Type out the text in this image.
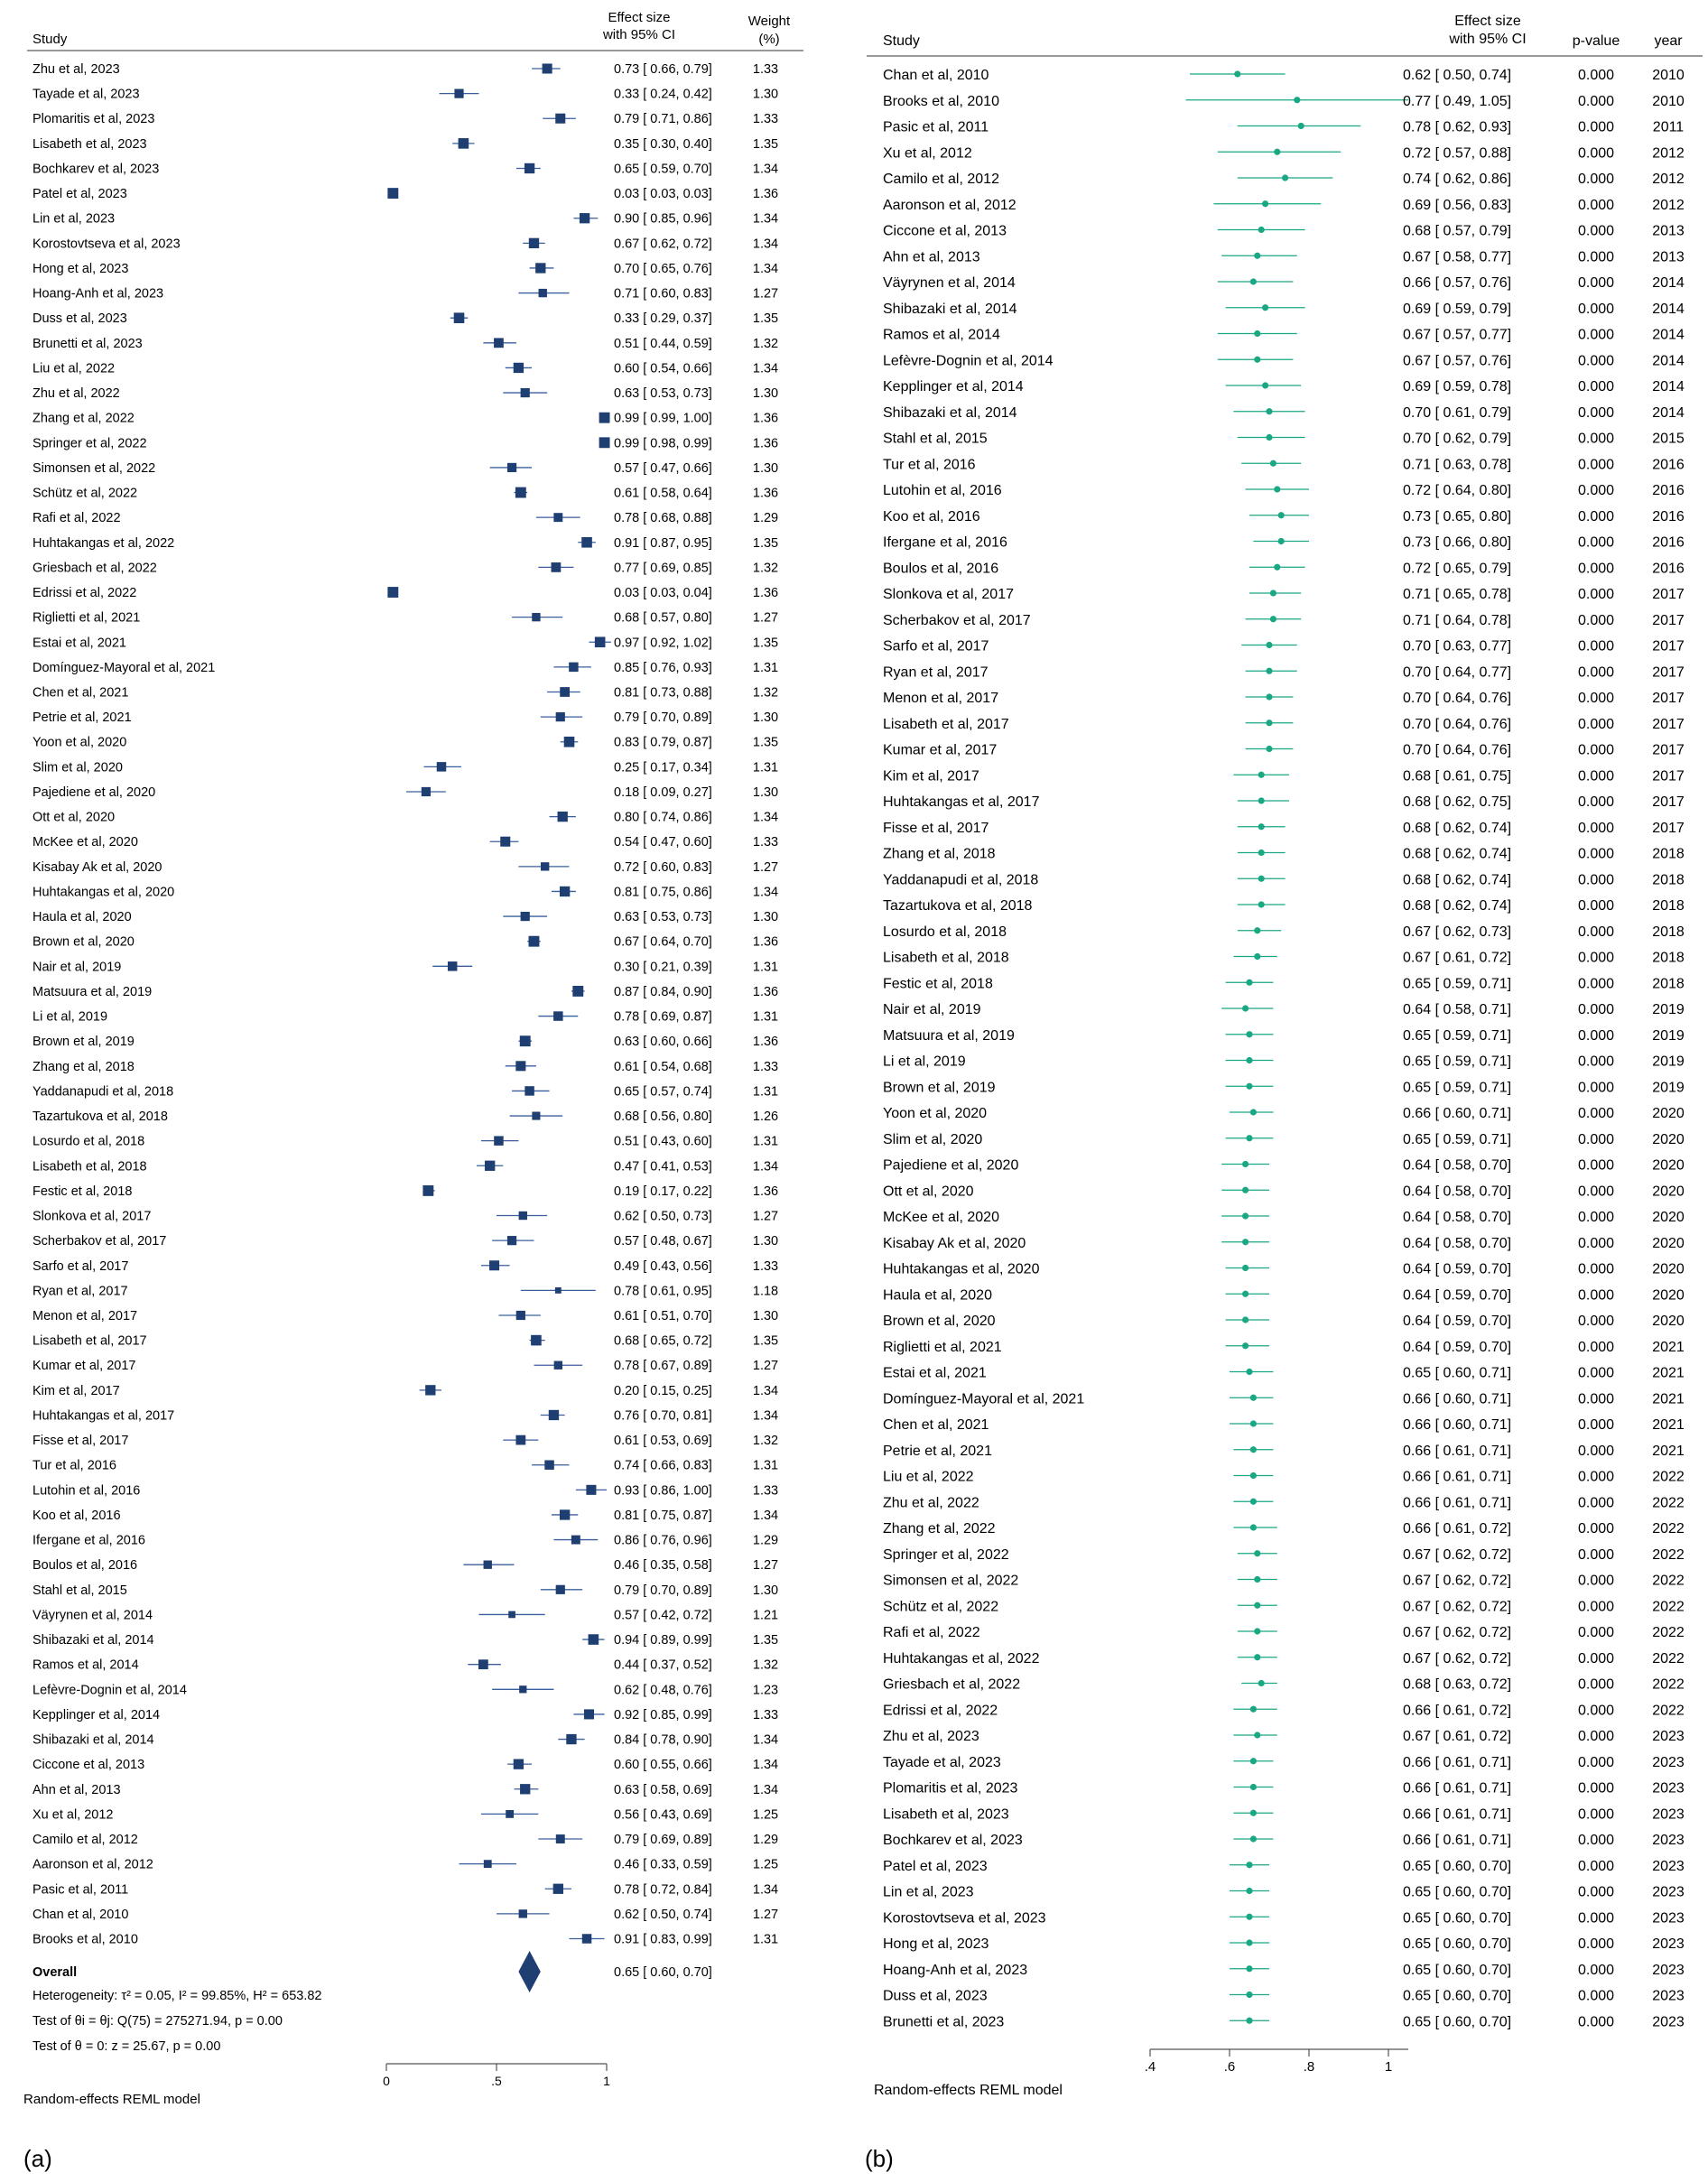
Study
Effect size
with 95% CI
Weight
(%)
Zhu et al, 2023	0.73 [ 0.66, 0.79]	1.33
Tayade et al, 2023	0.33 [ 0.24, 0.42]	1.30
Plomaritis et al, 2023	0.79 [ 0.71, 0.86]	1.33
Lisabeth et al, 2023	0.35 [ 0.30, 0.40]	1.35
Bochkarev et al, 2023	0.65 [ 0.59, 0.70]	1.34
Patel et al, 2023	0.03 [ 0.03, 0.03]	1.36
Lin et al, 2023	0.90 [ 0.85, 0.96]	1.34
Korostovtseva et al, 2023	0.67 [ 0.62, 0.72]	1.34
Hong et al, 2023	0.70 [ 0.65, 0.76]	1.34
Hoang-Anh et al, 2023	0.71 [ 0.60, 0.83]	1.27
Duss et al, 2023	0.33 [ 0.29, 0.37]	1.35
Brunetti et al, 2023	0.51 [ 0.44, 0.59]	1.32
Liu et al, 2022	0.60 [ 0.54, 0.66]	1.34
Zhu et al, 2022	0.63 [ 0.53, 0.73]	1.30
Zhang et al, 2022	0.99 [ 0.99, 1.00]	1.36
Springer et al, 2022	0.99 [ 0.98, 0.99]	1.36
Simonsen et al, 2022	0.57 [ 0.47, 0.66]	1.30
Schütz et al, 2022	0.61 [ 0.58, 0.64]	1.36
Rafi et al, 2022	0.78 [ 0.68, 0.88]	1.29
Huhtakangas et al, 2022	0.91 [ 0.87, 0.95]	1.35
Griesbach et al, 2022	0.77 [ 0.69, 0.85]	1.32
Edrissi et al, 2022	0.03 [ 0.03, 0.04]	1.36
Riglietti et al, 2021	0.68 [ 0.57, 0.80]	1.27
Estai et al, 2021	0.97 [ 0.92, 1.02]	1.35
Domínguez-Mayoral et al, 2021	0.85 [ 0.76, 0.93]	1.31
Chen et al, 2021	0.81 [ 0.73, 0.88]	1.32
Petrie et al, 2021	0.79 [ 0.70, 0.89]	1.30
Yoon et al, 2020	0.83 [ 0.79, 0.87]	1.35
Slim et al, 2020	0.25 [ 0.17, 0.34]	1.31
Pajediene et al, 2020	0.18 [ 0.09, 0.27]	1.30
Ott et al, 2020	0.80 [ 0.74, 0.86]	1.34
McKee et al, 2020	0.54 [ 0.47, 0.60]	1.33
Kisabay Ak et al, 2020	0.72 [ 0.60, 0.83]	1.27
Huhtakangas et al, 2020	0.81 [ 0.75, 0.86]	1.34
Haula et al, 2020	0.63 [ 0.53, 0.73]	1.30
Brown et al, 2020	0.67 [ 0.64, 0.70]	1.36
Nair et al, 2019	0.30 [ 0.21, 0.39]	1.31
Matsuura et al, 2019	0.87 [ 0.84, 0.90]	1.36
Li et al, 2019	0.78 [ 0.69, 0.87]	1.31
Brown et al, 2019	0.63 [ 0.60, 0.66]	1.36
Zhang et al, 2018	0.61 [ 0.54, 0.68]	1.33
Yaddanapudi et al, 2018	0.65 [ 0.57, 0.74]	1.31
Tazartukova et al, 2018	0.68 [ 0.56, 0.80]	1.26
Losurdo et al, 2018	0.51 [ 0.43, 0.60]	1.31
Lisabeth et al, 2018	0.47 [ 0.41, 0.53]	1.34
Festic et al, 2018	0.19 [ 0.17, 0.22]	1.36
Slonkova et al, 2017	0.62 [ 0.50, 0.73]	1.27
Scherbakov et al, 2017	0.57 [ 0.48, 0.67]	1.30
Sarfo et al, 2017	0.49 [ 0.43, 0.56]	1.33
Ryan et al, 2017	0.78 [ 0.61, 0.95]	1.18
Menon et al, 2017	0.61 [ 0.51, 0.70]	1.30
Lisabeth et al, 2017	0.68 [ 0.65, 0.72]	1.35
Kumar et al, 2017	0.78 [ 0.67, 0.89]	1.27
Kim et al, 2017	0.20 [ 0.15, 0.25]	1.34
Huhtakangas et al, 2017	0.76 [ 0.70, 0.81]	1.34
Fisse et al, 2017	0.61 [ 0.53, 0.69]	1.32
Tur et al, 2016	0.74 [ 0.66, 0.83]	1.31
Lutohin et al, 2016	0.93 [ 0.86, 1.00]	1.33
Koo et al, 2016	0.81 [ 0.75, 0.87]	1.34
Ifergane et al, 2016	0.86 [ 0.76, 0.96]	1.29
Boulos et al, 2016	0.46 [ 0.35, 0.58]	1.27
Stahl et al, 2015	0.79 [ 0.70, 0.89]	1.30
Väyrynen et al, 2014	0.57 [ 0.42, 0.72]	1.21
Shibazaki et al, 2014	0.94 [ 0.89, 0.99]	1.35
Ramos et al, 2014	0.44 [ 0.37, 0.52]	1.32
Lefèvre-Dognin et al, 2014	0.62 [ 0.48, 0.76]	1.23
Kepplinger et al, 2014	0.92 [ 0.85, 0.99]	1.33
Shibazaki et al, 2014	0.84 [ 0.78, 0.90]	1.34
Ciccone et al, 2013	0.60 [ 0.55, 0.66]	1.34
Ahn et al, 2013	0.63 [ 0.58, 0.69]	1.34
Xu et al, 2012	0.56 [ 0.43, 0.69]	1.25
Camilo et al, 2012	0.79 [ 0.69, 0.89]	1.29
Aaronson et al, 2012	0.46 [ 0.33, 0.59]	1.25
Pasic et al, 2011	0.78 [ 0.72, 0.84]	1.34
Chan et al, 2010	0.62 [ 0.50, 0.74]	1.27
Brooks et al, 2010	0.91 [ 0.83, 0.99]	1.31
Overall	0.65 [ 0.60, 0.70]
Heterogeneity: τ² = 0.05, I² = 99.85%, H² = 653.82
Test of θi = θj: Q(75) = 275271.94, p = 0.00
Test of θ = 0: z = 25.67, p = 0.00
0	.5	1
Random-effects REML model
(a)
Study
Effect size
with 95% CI	p-value year
Chan et al, 2010	0.62 [ 0.50, 0.74]	0.000	2010
Brooks et al, 2010	0.77 [ 0.49, 1.05]	0.000	2010
Pasic et al, 2011	0.78 [ 0.62, 0.93]	0.000	2011
Xu et al, 2012	0.72 [ 0.57, 0.88]	0.000	2012
Camilo et al, 2012	0.74 [ 0.62, 0.86]	0.000	2012
Aaronson et al, 2012	0.69 [ 0.56, 0.83]	0.000	2012
Ciccone et al, 2013	0.68 [ 0.57, 0.79]	0.000	2013
Ahn et al, 2013	0.67 [ 0.58, 0.77]	0.000	2013
Väyrynen et al, 2014	0.66 [ 0.57, 0.76]	0.000	2014
Shibazaki et al, 2014	0.69 [ 0.59, 0.79]	0.000	2014
Ramos et al, 2014	0.67 [ 0.57, 0.77]	0.000	2014
Lefèvre-Dognin et al, 2014	0.67 [ 0.57, 0.76]	0.000	2014
Kepplinger et al, 2014	0.69 [ 0.59, 0.78]	0.000	2014
Shibazaki et al, 2014	0.70 [ 0.61, 0.79]	0.000	2014
Stahl et al, 2015	0.70 [ 0.62, 0.79]	0.000	2015
Tur et al, 2016	0.71 [ 0.63, 0.78]	0.000	2016
Lutohin et al, 2016	0.72 [ 0.64, 0.80]	0.000	2016
Koo et al, 2016	0.73 [ 0.65, 0.80]	0.000	2016
Ifergane et al, 2016	0.73 [ 0.66, 0.80]	0.000	2016
Boulos et al, 2016	0.72 [ 0.65, 0.79]	0.000	2016
Slonkova et al, 2017	0.71 [ 0.65, 0.78]	0.000	2017
Scherbakov et al, 2017	0.71 [ 0.64, 0.78]	0.000	2017
Sarfo et al, 2017	0.70 [ 0.63, 0.77]	0.000	2017
Ryan et al, 2017	0.70 [ 0.64, 0.77]	0.000	2017
Menon et al, 2017	0.70 [ 0.64, 0.76]	0.000	2017
Lisabeth et al, 2017	0.70 [ 0.64, 0.76]	0.000	2017
Kumar et al, 2017	0.70 [ 0.64, 0.76]	0.000	2017
Kim et al, 2017	0.68 [ 0.61, 0.75]	0.000	2017
Huhtakangas et al, 2017	0.68 [ 0.62, 0.75]	0.000	2017
Fisse et al, 2017	0.68 [ 0.62, 0.74]	0.000	2017
Zhang et al, 2018	0.68 [ 0.62, 0.74]	0.000	2018
Yaddanapudi et al, 2018	0.68 [ 0.62, 0.74]	0.000	2018
Tazartukova et al, 2018	0.68 [ 0.62, 0.74]	0.000	2018
Losurdo et al, 2018	0.67 [ 0.62, 0.73]	0.000	2018
Lisabeth et al, 2018	0.67 [ 0.61, 0.72]	0.000	2018
Festic et al, 2018	0.65 [ 0.59, 0.71]	0.000	2018
Nair et al, 2019	0.64 [ 0.58, 0.71]	0.000	2019
Matsuura et al, 2019	0.65 [ 0.59, 0.71]	0.000	2019
Li et al, 2019	0.65 [ 0.59, 0.71]	0.000	2019
Brown et al, 2019	0.65 [ 0.59, 0.71]	0.000	2019
Yoon et al, 2020	0.66 [ 0.60, 0.71]	0.000	2020
Slim et al, 2020	0.65 [ 0.59, 0.71]	0.000	2020
Pajediene et al, 2020	0.64 [ 0.58, 0.70]	0.000	2020
Ott et al, 2020	0.64 [ 0.58, 0.70]	0.000	2020
McKee et al, 2020	0.64 [ 0.58, 0.70]	0.000	2020
Kisabay Ak et al, 2020	0.64 [ 0.58, 0.70]	0.000	2020
Huhtakangas et al, 2020	0.64 [ 0.59, 0.70]	0.000	2020
Haula et al, 2020	0.64 [ 0.59, 0.70]	0.000	2020
Brown et al, 2020	0.64 [ 0.59, 0.70]	0.000	2020
Riglietti et al, 2021	0.64 [ 0.59, 0.70]	0.000	2021
Estai et al, 2021	0.65 [ 0.60, 0.71]	0.000	2021
Domínguez-Mayoral et al, 2021	0.66 [ 0.60, 0.71]	0.000	2021
Chen et al, 2021	0.66 [ 0.60, 0.71]	0.000	2021
Petrie et al, 2021	0.66 [ 0.61, 0.71]	0.000	2021
Liu et al, 2022	0.66 [ 0.61, 0.71]	0.000	2022
Zhu et al, 2022	0.66 [ 0.61, 0.71]	0.000	2022
Zhang et al, 2022	0.66 [ 0.61, 0.72]	0.000	2022
Springer et al, 2022	0.67 [ 0.62, 0.72]	0.000	2022
Simonsen et al, 2022	0.67 [ 0.62, 0.72]	0.000	2022
Schütz et al, 2022	0.67 [ 0.62, 0.72]	0.000	2022
Rafi et al, 2022	0.67 [ 0.62, 0.72]	0.000	2022
Huhtakangas et al, 2022	0.67 [ 0.62, 0.72]	0.000	2022
Griesbach et al, 2022	0.68 [ 0.63, 0.72]	0.000	2022
Edrissi et al, 2022	0.66 [ 0.61, 0.72]	0.000	2022
Zhu et al, 2023	0.67 [ 0.61, 0.72]	0.000	2023
Tayade et al, 2023	0.66 [ 0.61, 0.71]	0.000	2023
Plomaritis et al, 2023	0.66 [ 0.61, 0.71]	0.000	2023
Lisabeth et al, 2023	0.66 [ 0.61, 0.71]	0.000	2023
Bochkarev et al, 2023	0.66 [ 0.61, 0.71]	0.000	2023
Patel et al, 2023	0.65 [ 0.60, 0.70]	0.000	2023
Lin et al, 2023	0.65 [ 0.60, 0.70]	0.000	2023
Korostovtseva et al, 2023	0.65 [ 0.60, 0.70]	0.000	2023
Hong et al, 2023	0.65 [ 0.60, 0.70]	0.000	2023
Hoang-Anh et al, 2023	0.65 [ 0.60, 0.70]	0.000	2023
Duss et al, 2023	0.65 [ 0.60, 0.70]	0.000	2023
Brunetti et al, 2023	0.65 [ 0.60, 0.70]	0.000	2023
.4	.6	.8	1
Random-effects REML model
(b)
